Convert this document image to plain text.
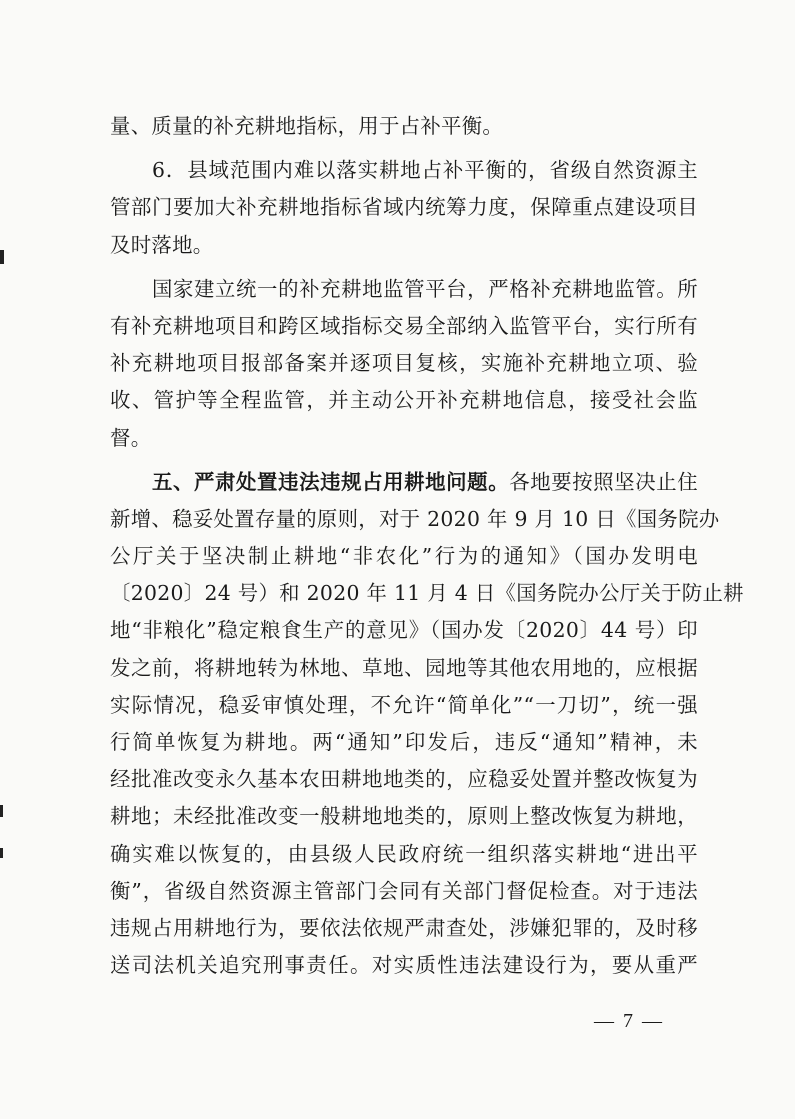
量、质量的补充耕地指标，用于占补平衡。
6．县域范围内难以落实耕地占补平衡的，省级自然资源主
管部门要加大补充耕地指标省域内统筹力度，保障重点建设项目
及时落地。
国家建立统一的补充耕地监管平台，严格补充耕地监管。所
有补充耕地项目和跨区域指标交易全部纳入监管平台，实行所有
补充耕地项目报部备案并逐项目复核，实施补充耕地立项、验
收、管护等全程监管，并主动公开补充耕地信息，接受社会监
督。
五、严肃处置违法违规占用耕地问题。各地要按照坚决止住
新增、稳妥处置存量的原则，对于 2020 年 9 月 10 日《国务院办
公厅关于坚决制止耕地“非农化”行为的通知》（国办发明电
〔2020〕24 号）和 2020 年 11 月 4 日《国务院办公厅关于防止耕
地“非粮化”稳定粮食生产的意见》（国办发〔2020〕44 号）印
发之前，将耕地转为林地、草地、园地等其他农用地的，应根据
实际情况，稳妥审慎处理，不允许“简单化”“一刀切”，统一强
行简单恢复为耕地。两“通知”印发后，违反“通知”精神，未
经批准改变永久基本农田耕地地类的，应稳妥处置并整改恢复为
耕地；未经批准改变一般耕地地类的，原则上整改恢复为耕地，
确实难以恢复的，由县级人民政府统一组织落实耕地“进出平
衡”，省级自然资源主管部门会同有关部门督促检查。对于违法
违规占用耕地行为，要依法依规严肃查处，涉嫌犯罪的，及时移
送司法机关追究刑事责任。对实质性违法建设行为，要从重严
— 7 —
